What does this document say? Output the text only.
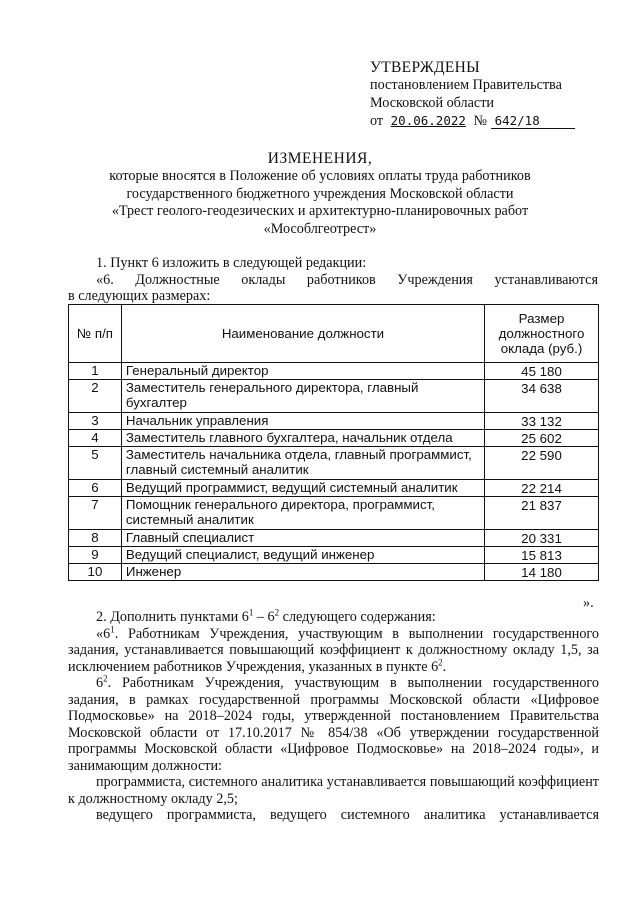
УТВЕРЖДЕНЫ
постановлением Правительства
Московской области
от 20.06.2022 № 642/18
ИЗМЕНЕНИЯ,
которые вносятся в Положение об условиях оплаты труда работников
государственного бюджетного учреждения Московской области
«Трест геолого-геодезических и архитектурно-планировочных работ
«Мособлгеотрест»
1. Пункт 6 изложить в следующей редакции:
«6. Должностные оклады работников Учреждения устанавливаются
в следующих размерах:
№ п/п	Наименование должности	Размер должностного оклада (руб.)
1	Генеральный директор	45 180
2	Заместитель генерального директора, главный бухгалтер	34 638
3	Начальник управления	33 132
4	Заместитель главного бухгалтера, начальник отдела	25 602
5	Заместитель начальника отдела, главный программист, главный системный аналитик	22 590
6	Ведущий программист, ведущий системный аналитик	22 214
7	Помощник генерального директора, программист, системный аналитик	21 837
8	Главный специалист	20 331
9	Ведущий специалист, ведущий инженер	15 813
10	Инженер	14 180
».

2. Дополнить пунктами $6^1 - 6^2$ следующего содержания:

«$6^1$. Работникам Учреждения, участвующим в выполнении государственного задания, устанавливается повышающий коэффициент к должностному окладу 1,5, за исключением работников Учреждения, указанных в пункте $6^2$.

$6^2$. Работникам Учреждения, участвующим в выполнении государственного задания, в рамках государственной программы Московской области «Цифровое Подмосковье» на 2018–2024 годы, утвержденной постановлением Правительства Московской области от 17.10.2017 № 854/38 «Об утверждении государственной программы Московской области «Цифровое Подмосковье» на 2018–2024 годы», и занимающим должности:

программиста, системного аналитика устанавливается повышающий коэффициент к должностному окладу 2,5;

ведущего программиста, ведущего системного аналитика устанавливается
